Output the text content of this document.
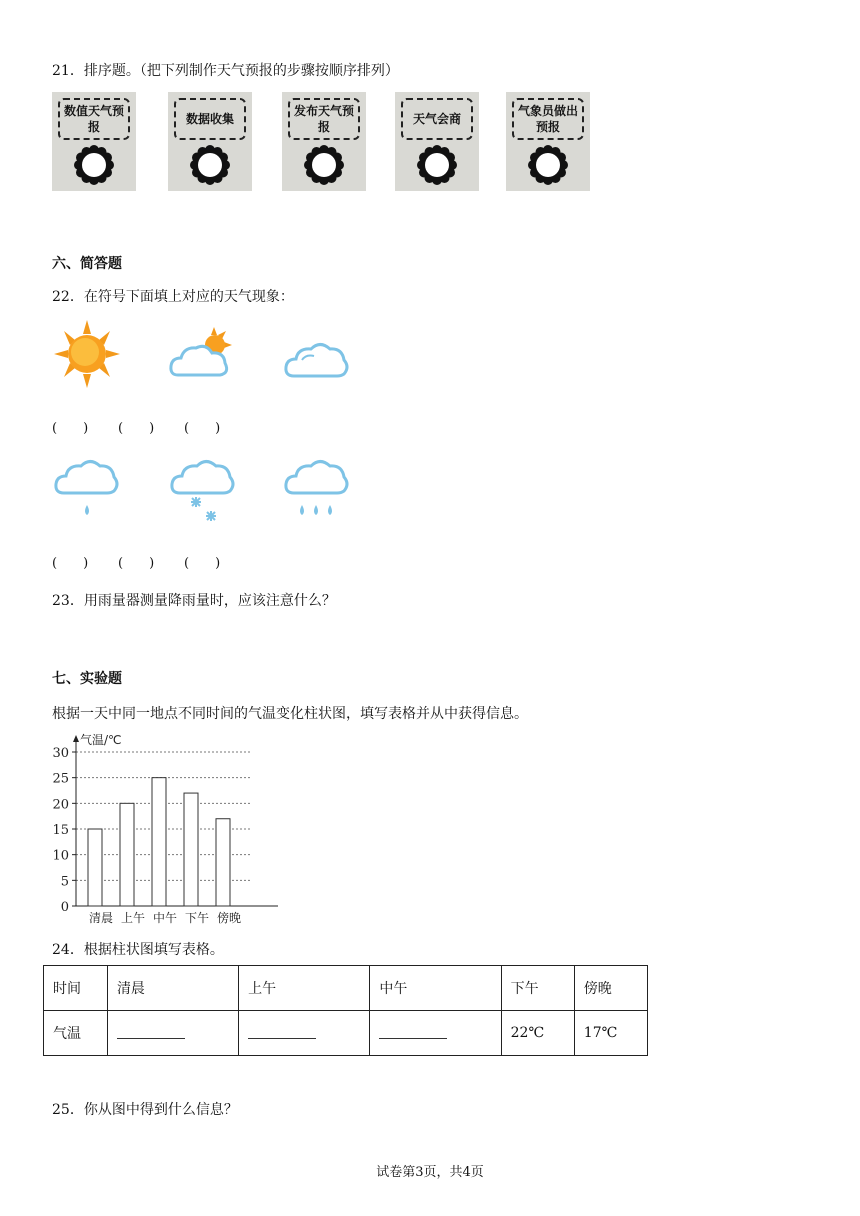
21．排序题。（把下列制作天气预报的步骤按顺序排列）
数值天气预报
数据收集
发布天气预报
天气会商
气象员做出预报
六、简答题
22．在符号下面填上对应的天气现象：
(　　) (　　) (　　)
(　　) (　　) (　　)
23．用雨量器测量降雨量时，应该注意什么？
七、实验题
根据一天中同一地点不同时间的气温变化柱状图，填写表格并从中获得信息。
气温/℃
0
5
10
15
20
25
30
清晨 上午 中午 下午 傍晚
24．根据柱状图填写表格。
时间	清晨	上午	中午	下午	傍晚
气温				22℃	17℃
25．你从图中得到什么信息？
试卷第3页，共4页
